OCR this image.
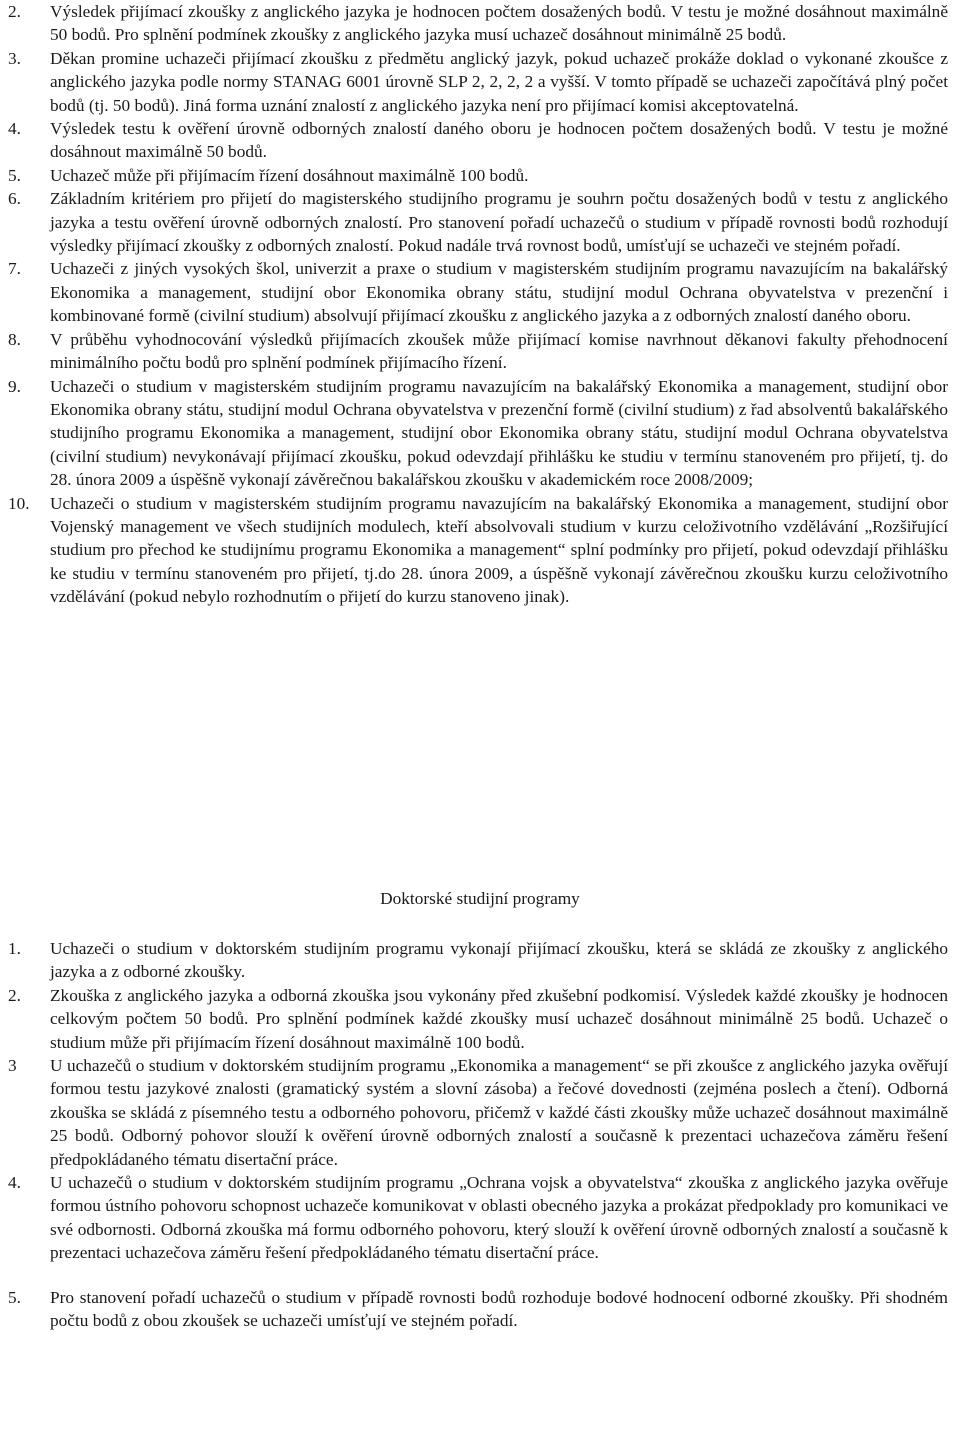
2. Výsledek přijímací zkoušky z anglického jazyka je hodnocen počtem dosažených bodů. V testu je možné dosáhnout maximálně 50 bodů. Pro splnění podmínek zkoušky z anglického jazyka musí uchazeč dosáhnout minimálně 25 bodů.
3. Děkan promine uchazeči přijímací zkoušku z předmětu anglický jazyk, pokud uchazeč prokáže doklad o vykonané zkoušce z anglického jazyka podle normy STANAG 6001 úrovně SLP 2, 2, 2, 2 a vyšší. V tomto případě se uchazeči započítává plný počet bodů (tj. 50 bodů). Jiná forma uznání znalostí z anglického jazyka není pro přijímací komisi akceptovatelná.
4. Výsledek testu k ověření úrovně odborných znalostí daného oboru je hodnocen počtem dosažených bodů. V testu je možné dosáhnout maximálně 50 bodů.
5. Uchazeč může při přijímacím řízení dosáhnout maximálně 100 bodů.
6. Základním kritériem pro přijetí do magisterského studijního programu je souhrn počtu dosažených bodů v testu z anglického jazyka a testu ověření úrovně odborných znalostí. Pro stanovení pořadí uchazečů o studium v případě rovnosti bodů rozhodují výsledky přijímací zkoušky z odborných znalostí. Pokud nadále trvá rovnost bodů, umísťují se uchazeči ve stejném pořadí.
7. Uchazeči z jiných vysokých škol, univerzit a praxe o studium v magisterském studijním programu navazujícím na bakalářský Ekonomika a management, studijní obor Ekonomika obrany státu, studijní modul Ochrana obyvatelstva v prezenční i kombinované formě (civilní studium) absolvují přijímací zkoušku z anglického jazyka a z odborných znalostí daného oboru.
8. V průběhu vyhodnocování výsledků přijímacích zkoušek může přijímací komise navrhnout děkanovi fakulty přehodnocení minimálního počtu bodů pro splnění podmínek přijímacího řízení.
9. Uchazeči o studium v magisterském studijním programu navazujícím na bakalářský Ekonomika a management, studijní obor Ekonomika obrany státu, studijní modul Ochrana obyvatelstva v prezenční formě (civilní studium) z řad absolventů bakalářského studijního programu Ekonomika a management, studijní obor Ekonomika obrany státu, studijní modul Ochrana obyvatelstva (civilní studium) nevykonávají přijímací zkoušku, pokud odevzdají přihlášku ke studiu v termínu stanoveném pro přijetí, tj. do 28. února 2009 a úspěšně vykonají závěrečnou bakalářskou zkoušku v akademickém roce 2008/2009;
10. Uchazeči o studium v magisterském studijním programu navazujícím na bakalářský Ekonomika a management, studijní obor Vojenský management ve všech studijních modulech, kteří absolvovali studium v kurzu celoživotního vzdělávání „Rozšiřující studium pro přechod ke studijnímu programu Ekonomika a management“ splní podmínky pro přijetí, pokud odevzdají přihlášku ke studiu v termínu stanoveném pro přijetí, tj.do 28. února 2009, a úspěšně vykonají závěrečnou zkoušku kurzu celoživotního vzdělávání (pokud nebylo rozhodnutím o přijetí do kurzu stanoveno jinak).
Doktorské studijní programy
1. Uchazeči o studium v doktorském studijním programu vykonají přijímací zkoušku, která se skládá ze zkoušky z anglického jazyka a z odborné zkoušky.
2. Zkouška z anglického jazyka a odborná zkouška jsou vykonány před zkušební podkomisí. Výsledek každé zkoušky je hodnocen celkovým počtem 50 bodů. Pro splnění podmínek každé zkoušky musí uchazeč dosáhnout minimálně 25 bodů. Uchazeč o studium může při přijímacím řízení dosáhnout maximálně 100 bodů.
3 U uchazečů o studium v doktorském studijním programu „Ekonomika a management“ se při zkoušce z anglického jazyka ověřují formou testu jazykové znalosti (gramatický systém a slovní zásoba) a řečové dovednosti (zejména poslech a čtení). Odborná zkouška se skládá z písemného testu a odborného pohovoru, přičemž v každé části zkoušky může uchazeč dosáhnout maximálně 25 bodů. Odborný pohovor slouží k ověření úrovně odborných znalostí a současně k prezentaci uchazečova záměru řešení předpokládaného tématu disertační práce.
4. U uchazečů o studium v doktorském studijním programu „Ochrana vojsk a obyvatelstva“ zkouška z anglického jazyka ověřuje formou ústního pohovoru schopnost uchazeče komunikovat v oblasti obecného jazyka a prokázat předpoklady pro komunikaci ve své odbornosti. Odborná zkouška má formu odborného pohovoru, který slouží k ověření úrovně odborných znalostí a současně k prezentaci uchazečova záměru řešení předpokládaného tématu disertační práce.
5. Pro stanovení pořadí uchazečů o studium v případě rovnosti bodů rozhoduje bodové hodnocení odborné zkoušky. Při shodném počtu bodů z obou zkoušek se uchazeči umísťují ve stejném pořadí.
